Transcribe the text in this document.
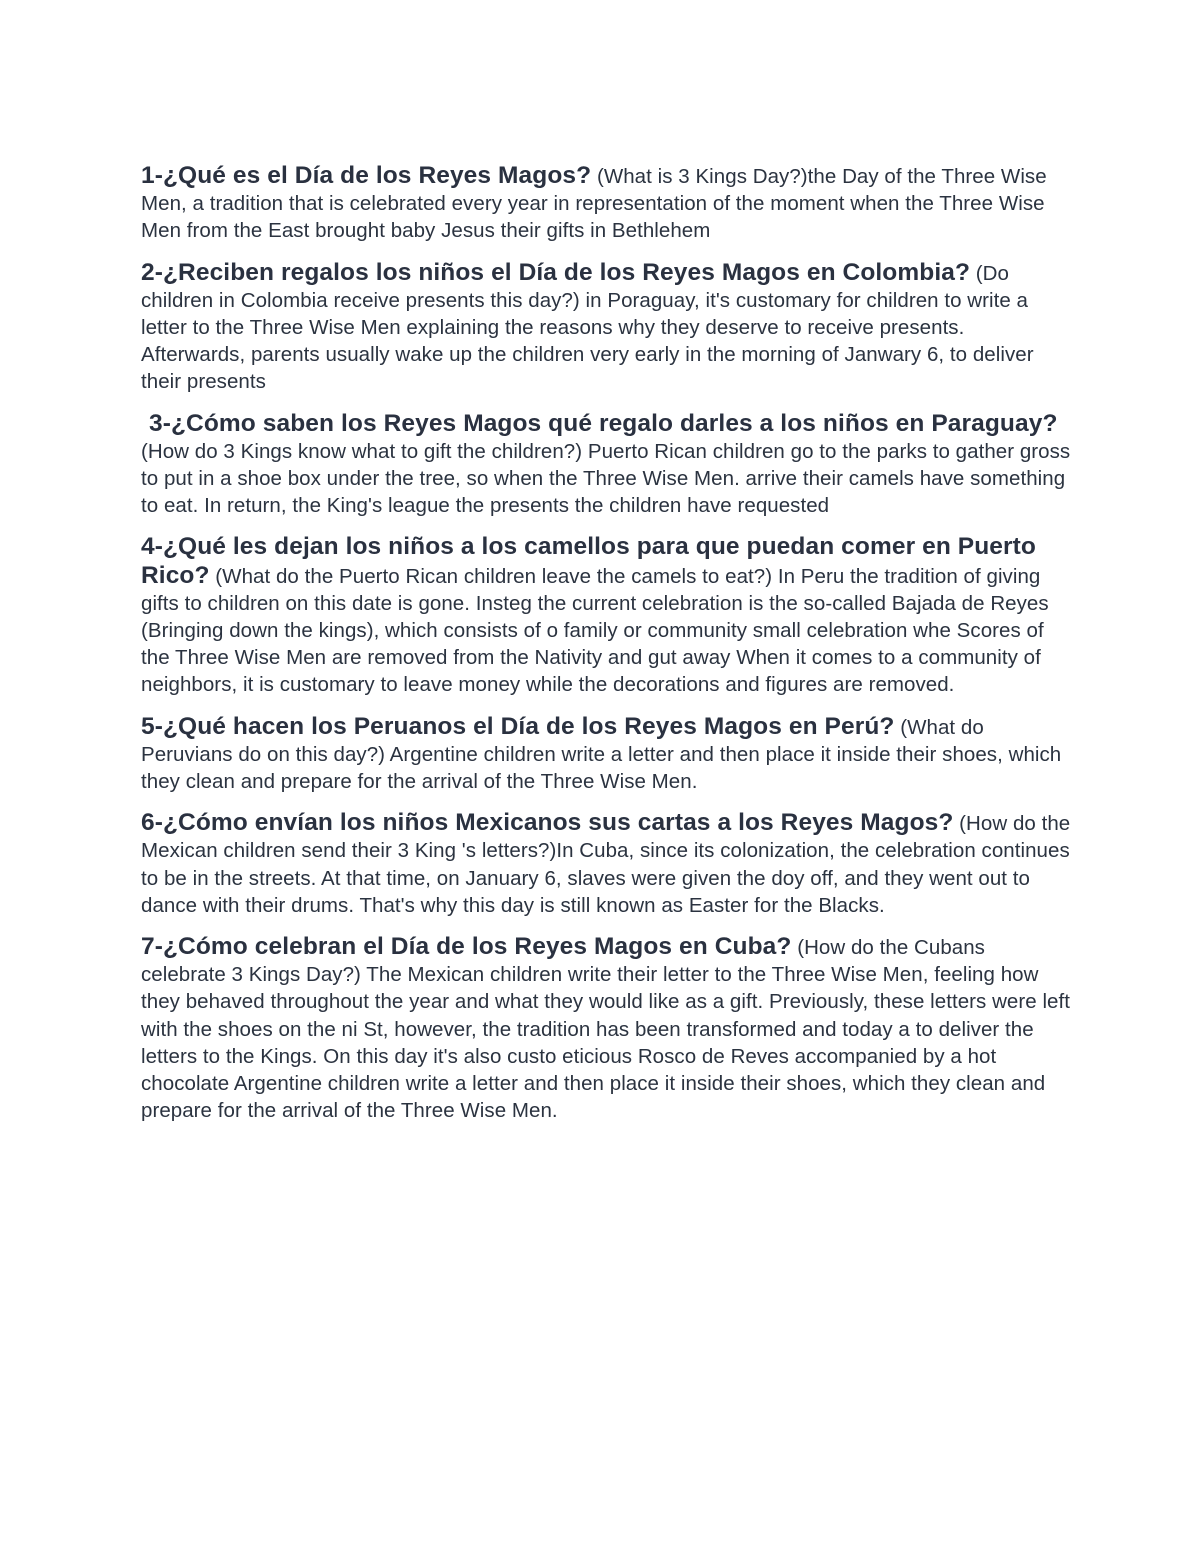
1-¿Qué es el Día de los Reyes Magos? (What is 3 Kings Day?)the Day of the Three Wise Men, a tradition that is celebrated every year in representation of the moment when the Three Wise Men from the East brought baby Jesus their gifts in Bethlehem

2-¿Reciben regalos los niños el Día de los Reyes Magos en Colombia? (Do children in Colombia receive presents this day?) in Poraguay, it's customary for children to write a letter to the Three Wise Men explaining the reasons why they deserve to receive presents. Afterwards, parents usually wake up the children very early in the morning of Janwary 6, to deliver their presents

3-¿Cómo saben los Reyes Magos qué regalo darles a los niños en Paraguay? (How do 3 Kings know what to gift the children?) Puerto Rican children go to the parks to gather gross to put in a shoe box under the tree, so when the Three Wise Men. arrive their camels have something to eat. In return, the King's league the presents the children have requested

4-¿Qué les dejan los niños a los camellos para que puedan comer en Puerto Rico? (What do the Puerto Rican children leave the camels to eat?) In Peru the tradition of giving gifts to children on this date is gone. Insteg the current celebration is the so-called Bajada de Reyes (Bringing down the kings), which consists of o family or community small celebration whe Scores of the Three Wise Men are removed from the Nativity and gut away When it comes to a community of neighbors, it is customary to leave money while the decorations and figures are removed.

5-¿Qué hacen los Peruanos el Día de los Reyes Magos en Perú? (What do Peruvians do on this day?) Argentine children write a letter and then place it inside their shoes, which they clean and prepare for the arrival of the Three Wise Men.

6-¿Cómo envían los niños Mexicanos sus cartas a los Reyes Magos? (How do the Mexican children send their 3 King 's letters?)In Cuba, since its colonization, the celebration continues to be in the streets. At that time, on January 6, slaves were given the doy off, and they went out to dance with their drums. That's why this day is still known as Easter for the Blacks.

7-¿Cómo celebran el Día de los Reyes Magos en Cuba? (How do the Cubans celebrate 3 Kings Day?) The Mexican children write their letter to the Three Wise Men, feeling how they behaved throughout the year and what they would like as a gift. Previously, these letters were left with the shoes on the ni St, however, the tradition has been transformed and today a to deliver the letters to the Kings. On this day it's also custo eticious Rosco de Reves accompanied by a hot chocolate Argentine children write a letter and then place it inside their shoes, which they clean and prepare for the arrival of the Three Wise Men.
